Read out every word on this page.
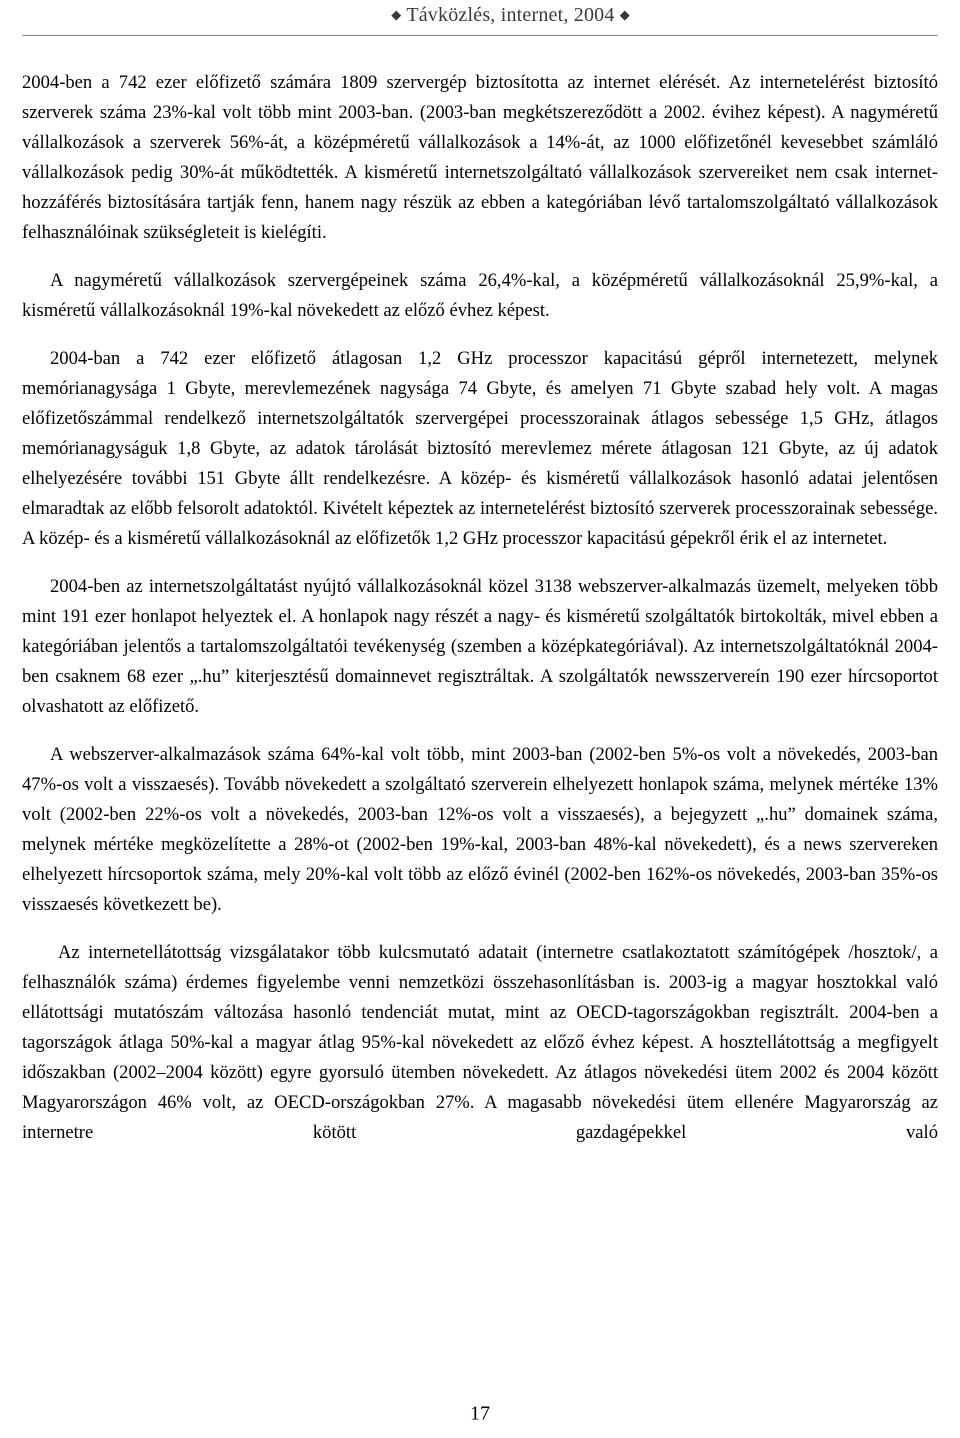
◆ Távközlés, internet, 2004 ◆

2004-ben a 742 ezer előfizető számára 1809 szervergép biztosította az internet elérését. Az internetelérést biztosító szerverek száma 23%-kal volt több mint 2003-ban. (2003-ban megkétszereződött a 2002. évihez képest). A nagyméretű vállalkozások a szerverek 56%-át, a középméretű vállalkozások a 14%-át, az 1000 előfizetőnél kevesebbet számláló vállalkozások pedig 30%-át működtették. A kisméretű internetszolgáltató vállalkozások szervereiket nem csak internet-hozzáférés biztosítására tartják fenn, hanem nagy részük az ebben a kategóriában lévő tartalomszolgáltató vállalkozások felhasználóinak szükségleteit is kielégíti.

A nagyméretű vállalkozások szervergépeinek száma 26,4%-kal, a középméretű vállalkozásoknál 25,9%-kal, a kisméretű vállalkozásoknál 19%-kal növekedett az előző évhez képest.

2004-ban a 742 ezer előfizető átlagosan 1,2 GHz processzor kapacitású gépről internetezett, melynek memórianagysága 1 Gbyte, merevlemezének nagysága 74 Gbyte, és amelyen 71 Gbyte szabad hely volt. A magas előfizetőszámmal rendelkező internetszolgáltatók szervergépei processzorainak átlagos sebessége 1,5 GHz, átlagos memórianagyságuk 1,8 Gbyte, az adatok tárolását biztosító merevlemez mérete átlagosan 121 Gbyte, az új adatok elhelyezésére további 151 Gbyte állt rendelkezésre. A közép- és kisméretű vállalkozások hasonló adatai jelentősen elmaradtak az előbb felsorolt adatoktól. Kivételt képeztek az internetelérést biztosító szerverek processzorainak sebessége. A közép- és a kisméretű vállalkozásoknál az előfizetők 1,2 GHz processzor kapacitású gépekről érik el az internetet.

2004-ben az internetszolgáltatást nyújtó vállalkozásoknál közel 3138 webszerver-alkalmazás üzemelt, melyeken több mint 191 ezer honlapot helyeztek el. A honlapok nagy részét a nagy- és kisméretű szolgáltatók birtokolták, mivel ebben a kategóriában jelentős a tartalomszolgáltatói tevékenység (szemben a középkategóriával). Az internetszolgáltatóknál 2004-ben csaknem 68 ezer „.hu” kiterjesztésű domainnevet regisztráltak. A szolgáltatók newsszervereín 190 ezer hírcsoportot olvashatott az előfizető.

A webszerver-alkalmazások száma 64%-kal volt több, mint 2003-ban (2002-ben 5%-os volt a növekedés, 2003-ban 47%-os volt a visszaesés). Tovább növekedett a szolgáltató szerverein elhelyezett honlapok száma, melynek mértéke 13% volt (2002-ben 22%-os volt a növekedés, 2003-ban 12%-os volt a visszaesés), a bejegyzett „.hu” domainek száma, melynek mértéke megközelítette a 28%-ot (2002-ben 19%-kal, 2003-ban 48%-kal növekedett), és a news szervereken elhelyezett hírcsoportok száma, mely 20%-kal volt több az előző évinél (2002-ben 162%-os növekedés, 2003-ban 35%-os visszaesés következett be).

Az internetellátottság vizsgálatakor több kulcsmutató adatait (internetre csatlakoztatott számítógépek /hosztok/, a felhasználók száma) érdemes figyelembe venni nemzetközi összehasonlításban is. 2003-ig a magyar hosztokkal való ellátottsági mutatószám változása hasonló tendenciát mutat, mint az OECD-tagországokban regisztrált. 2004-ben a tagországok átlaga 50%-kal a magyar átlag 95%-kal növekedett az előző évhez képest. A hosztellátottság a megfigyelt időszakban (2002–2004 között) egyre gyorsuló ütemben növekedett. Az átlagos növekedési ütem 2002 és 2004 között Magyarországon 46% volt, az OECD-országokban 27%. A magasabb növekedési ütem ellenére Magyarország az internetre kötött gazdagépekkel való

17
